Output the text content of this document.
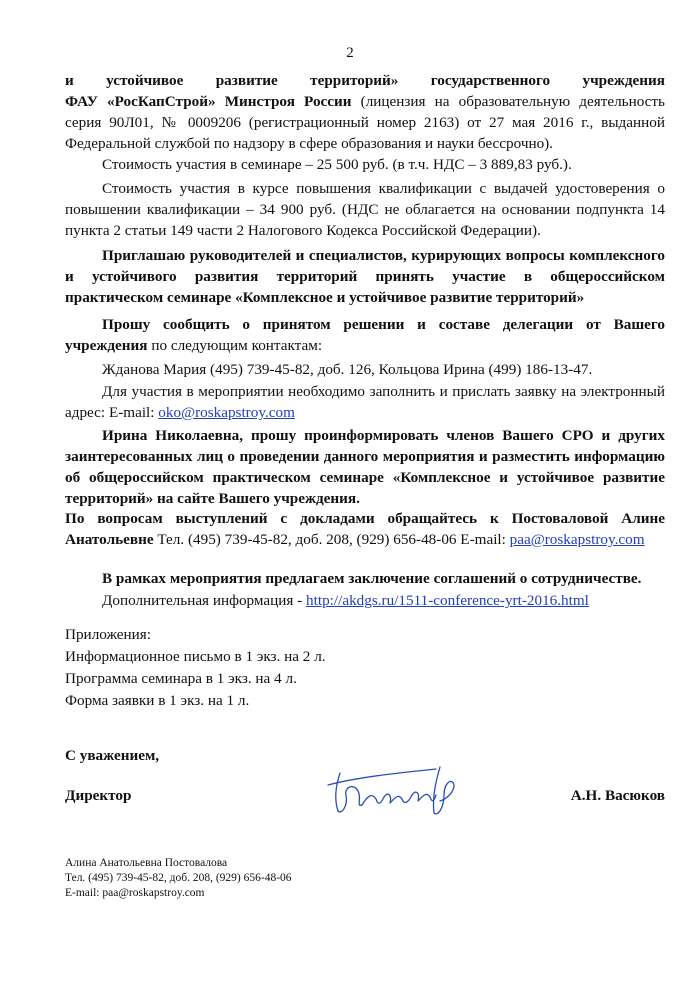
2

и устойчивое развитие территорий» государственного учреждения

ФАУ «РосКапСтрой» Минстроя России (лицензия на образовательную деятельность серия 90Л01, № 0009206 (регистрационный номер 2163) от 27 мая 2016 г., выданной Федеральной службой по надзору в сфере образования и науки бессрочно).

Стоимость участия в семинаре – 25 500 руб. (в т.ч. НДС – 3 889,83 руб.).

Стоимость участия в курсе повышения квалификации с выдачей удостоверения о повышении квалификации – 34 900 руб. (НДС не облагается на основании подпункта 14 пункта 2 статьи 149 части 2 Налогового Кодекса Российской Федерации).

Приглашаю руководителей и специалистов, курирующих вопросы комплексного и устойчивого развития территорий принять участие в общероссийском практическом семинаре «Комплексное и устойчивое развитие территорий»

Прошу сообщить о принятом решении и составе делегации от Вашего учреждения по следующим контактам:

Жданова Мария (495) 739-45-82, доб. 126, Кольцова Ирина (499) 186-13-47.

Для участия в мероприятии необходимо заполнить и прислать заявку на электронный адрес: E-mail: oko@roskapstroy.com

Ирина Николаевна, прошу проинформировать членов Вашего СРО и других заинтересованных лиц о проведении данного мероприятия и разместить информацию об общероссийском практическом семинаре «Комплексное и устойчивое развитие территорий» на сайте Вашего учреждения.

По вопросам выступлений с докладами обращайтесь к Постоваловой Алине Анатольевне Тел. (495) 739-45-82, доб. 208, (929) 656-48-06 E-mail: paa@roskapstroy.com

В рамках мероприятия предлагаем заключение соглашений о сотрудничестве.

Дополнительная информация - http://akdgs.ru/1511-conference-yrt-2016.html

Приложения:
Информационное письмо в 1 экз. на 2 л.
Программа семинара в 1 экз. на 4 л.
Форма заявки в 1 экз. на 1 л.
С уважением,
Директор	А.Н. Васюков
Алина Анатольевна Постовалова
Тел. (495) 739-45-82, доб. 208, (929) 656-48-06
E-mail: paa@roskapstroy.com
